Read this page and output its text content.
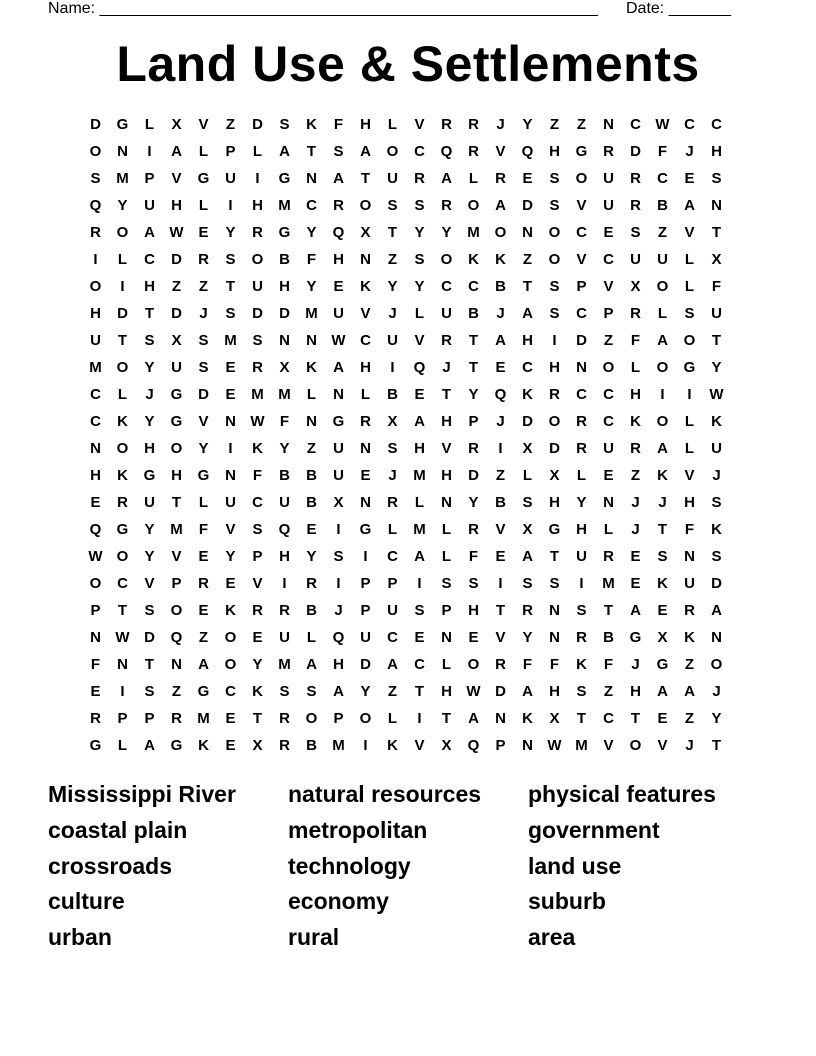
Name: ________________________________________________________ Date: _______
Land Use & Settlements
D	G	L	X	V	Z	D	S	K	F	H	L	V	R	R	J	Y	Z	Z	N	C W C	C
O	N	I	A	L	P	L	A	T	S	A	O	C	Q	R	V	Q	H	G	R	D	F	J	H
S	M	P	V	G	U	I	G	N	A	T	U	R	A	L	R	E	S	O	U	R	C	E	S
Q	Y	U	H	L	I	H	M	C	R	O	S	S	R	O	A	D	S	V	U	R	B	A	N
R	O	A W E	Y	R	G	Y	Q	X	T	Y	Y	M O	N	O	C	E	S	Z	V	T
I	L	C	D	R	S	O	B	F	H	N	Z	S	O	K	K	Z	O	V	C	U	U	L	X
O	I	H	Z	Z	T	U	H	Y	E	K	Y	Y	C	C	B	T	S	P	V	X	O	L	F
H	D	T	D	J	S	D	D	M	U	V	J	L	U	B	J	A	S	C	P	R	L	S	U
U	T	S	X	S	M	S	N	N W C	U	V	R	T	A	H	I	D	Z	F	A	O	T
M O	Y	U	S	E	R	X	K	A	H	I	Q	J	T	E	C	H	N	O	L	O	G	Y
C	L	J	G	D	E	M M	L	N	L	B	E	T	Y	Q	K	R	C	C	H	I	I	W
C	K	Y	G	V	N W	F	N	G	R	X	A	H	P	J	D	O	R	C	K	O	L	K
N	O	H	O	Y	I	K	Y	Z	U	N	S	H	V	R	I	X	D	R	U	R	A	L	U
H	K	G	H	G	N	F	B	B	U	E	J	M	H	D	Z	L	X	L	E	Z	K	V	J
E	R	U	T	L	U	C	U	B	X	N	R	L	N	Y	B	S	H	Y	N	J	J	H	S
Q	G	Y	M	F	V	S	Q	E	I	G	L	M	L	R	V	X	G	H	L	J	T	F	K
W O	Y	V	E	Y	P	H	Y	S	I	C	A	L	F	E	A	T	U	R	E	S	N	S
O	C	V	P	R	E	V	I	R	I	P	P	I	S	S	I	S	S	I	M	E	K	U	D
P	T	S	O	E	K	R	R	B	J	P	U	S	P	H	T	R	N	S	T	A	E	R	A
N W D	Q	Z	O	E	U	L	Q	U	C	E	N	E	V	Y	N	R	B	G	X	K	N
F	N	T	N	A	O	Y	M	A	H	D	A	C	L	O	R	F	F	K	F	J	G	Z	O
E	I	S	Z	G	C	K	S	S	A	Y	Z	T	H W D	A	H	S	Z	H	A	A	J
R	P	P	R	M	E	T	R	O	P	O	L	I	T	A	N	K	X	T	C	T	E	Z	Y
G	L	A	G	K	E	X	R	B	M	I	K	V	X	Q	P	N W M	V	O	V	J	T
Mississippi River	natural resources	physical features
coastal plain	metropolitan	government
crossroads	technology	land use
culture	economy	suburb
urban	rural	area
